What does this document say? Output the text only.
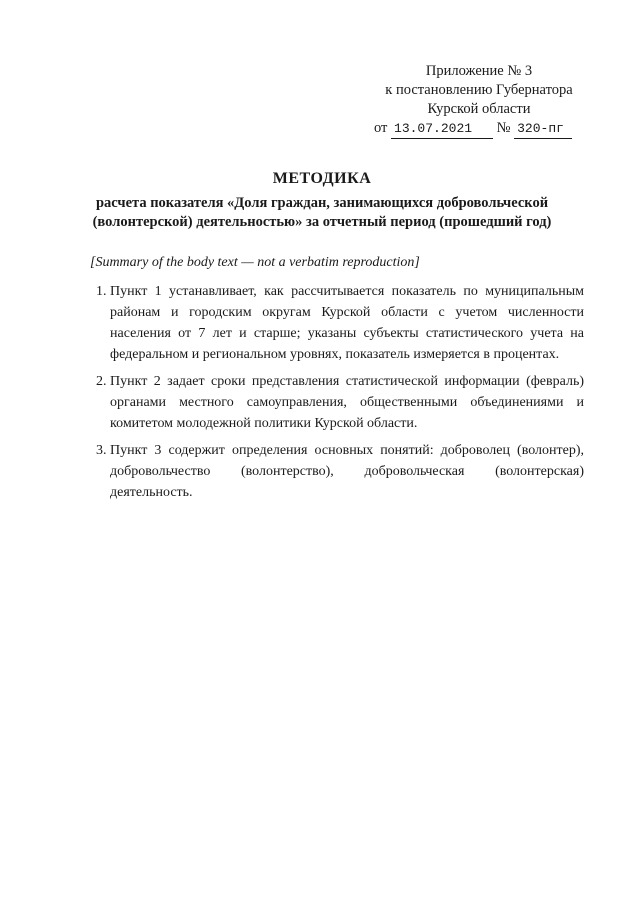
Приложение № 3
к постановлению Губернатора
Курской области
от 13.07.2021 № 320-пг

МЕТОДИКА

расчета показателя «Доля граждан, занимающихся добровольческой (волонтерской) деятельностью» за отчетный период (прошедший год)

[Summary of the body text — not a verbatim reproduction]

1. Пункт 1 устанавливает, как рассчитывается показатель по муниципальным районам и городским округам Курской области с учетом численности населения от 7 лет и старше; указаны субъекты статистического учета на федеральном и региональном уровнях, показатель измеряется в процентах.
2. Пункт 2 задает сроки представления статистической информации (февраль) органами местного самоуправления, общественными объединениями и комитетом молодежной политики Курской области.
3. Пункт 3 содержит определения основных понятий: доброволец (волонтер), добровольчество (волонтерство), добровольческая (волонтерская) деятельность.
